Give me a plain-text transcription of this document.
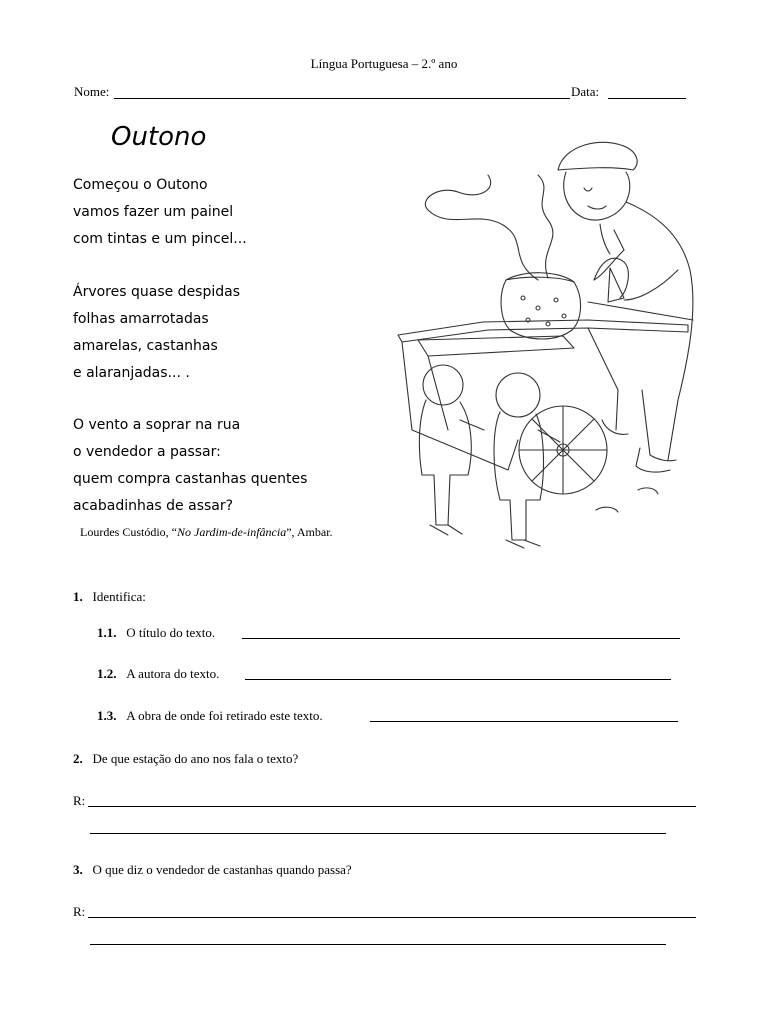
Língua Portuguesa – 2.º ano
Nome:	Data:
Outono
Começou o Outono
vamos fazer um painel
com tintas e um pincel...
Árvores quase despidas
folhas amarrotadas
amarelas, castanhas
e alaranjadas... .
O vento a soprar na rua
o vendedor a passar:
quem compra castanhas quentes
acabadinhas de assar?
Lourdes Custódio, “No Jardim-de-infância”, Ambar.
1. Identifica:
1.1. O título do texto.
1.2. A autora do texto.
1.3. A obra de onde foi retirado este texto.
2. De que estação do ano nos fala o texto?
R:
3. O que diz o vendedor de castanhas quando passa?
R:
